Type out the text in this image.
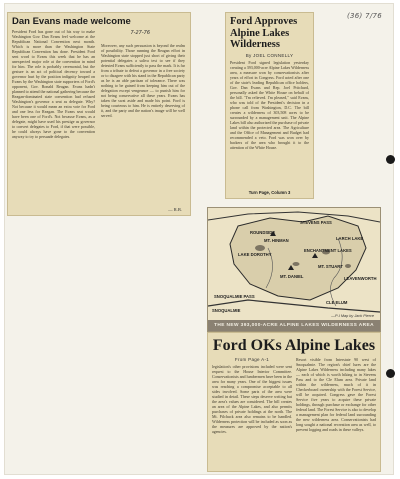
(36) 7/76
7-27-76
Dan Evans made welcome
President Ford has gone out of his way to make Washington Gov. Dan Evans feel welcome at the Republican National Convention next month. Which is more than the Washington State Republican Convention has done. President Ford sent word to Evans this week that he has an unexpected major role at the convention in mind for him. The role is probably ceremonial, but the gesture is an act of political decency toward a governor hurt by the position indignity heaped on Evans by the Washington state supporters of Ford's opponent, Gov. Ronald Reagan. Evans hadn't planned to attend the national gathering because the Reagan-dominated state convention had refused Washington's governor a seat as delegate. Why? Not because it would mean an extra vote for Ford and one less for Reagan. The Evans seat would have been one of Ford's. Not because Evans, as a delegate, might have used his prestige as governor to convert delegates to Ford, if that were possible, he could always have gone to the convention anyway to try to persuade delegates.
Moreover, any such persuasion is beyond the realm of possibility. Those running the Reagan effort in Washington state stopped just short of giving their potential delegates a saliva test to see if they detested Evans sufficiently to pass the mark. It is far from a tribute to defeat a governor in a free society or to disagree with his stand in the Republican party as he is an able partisan of tolerance. There was nothing to be gained from keeping him out of the delegation except vengeance — to punish him for not being conservative all these years. Evans has taken the swat aside and made his point. Ford is being courteous to him. He is entirely deserving of it, and the party and the nation's image will be well served.
— R.B.
Ford Approves Alpine Lakes Wilderness
By JOEL CONNELLY
President Ford signed legislation yesterday creating a 393,000-acre Alpine Lakes Wilderness area, a measure won by conservationists after years of effort in Congress. Ford acted after one of the state's leading Republican office holders, Gov. Dan Evans and Rep. Joel Pritchard, personally asked the White House on behalf of the bill. "I'm relieved. I'm pleased," said Evans, who was told of the President's decision in a phone call from Washington, D.C. The bill creates a wilderness of 303,508 acres to be surrounded by a management unit. The Alpine Lakes bill also authorized the purchase of private land within the protected area. The Agriculture and the Office of Management and Budget had recommended a veto. Ford was won over by backers of the area who brought it to the attention of the White House.
Turn Page, Column 3
STEVENS PASS
LAKE DOROTHY
MT. DANIEL
MT. STUART
SNOQUALMIE PASS
SNOQUALMIE
CLE ELUM
LEAVENWORTH
LARCH LAKE
ENCHANTMENT LAKES
ROUNDSIDE
MT. HINMAN
—P-I Map by Jack Pierce
THE NEW 393,000-ACRE ALPINE LAKES WILDERNESS AREA
Ford OKs Alpine Lakes
From Page A-1
legislation's other provisions included were sent request to the House Interior Committee. Conservationists and lumbermen have been in the area for many years. One of the biggest issues was reaching a compromise acceptable to all sides involved. Some parts of the area were studied in detail. These steps deserve writing but the area's values are considered. The bill creates an area of the Alpine Lakes, and also permits purchases of private holdings at the north. The Mt. Pilchuck area also remains to be handled. Wilderness protection will be included as soon as the measures are approved by the nation's agencies.
Resort visible from Interstate 90 west of Snoqualmie. The region's chief lures are the Alpine Lakes Wilderness including many lakes — each of which is worth hiking to in Stevens Pass and to the Cle Elum area. Private land within the wilderness, much of it in Checkerboard ownership with the Forest Service, will be acquired. Congress gave the Forest Service five years to acquire these private holdings, through purchase or exchange for other federal land. The Forest Service is also to develop a management plan for federal land surrounding the new wilderness area. Conservationists had long sought a national recreation area as well, to prevent logging and roads in these valleys.
